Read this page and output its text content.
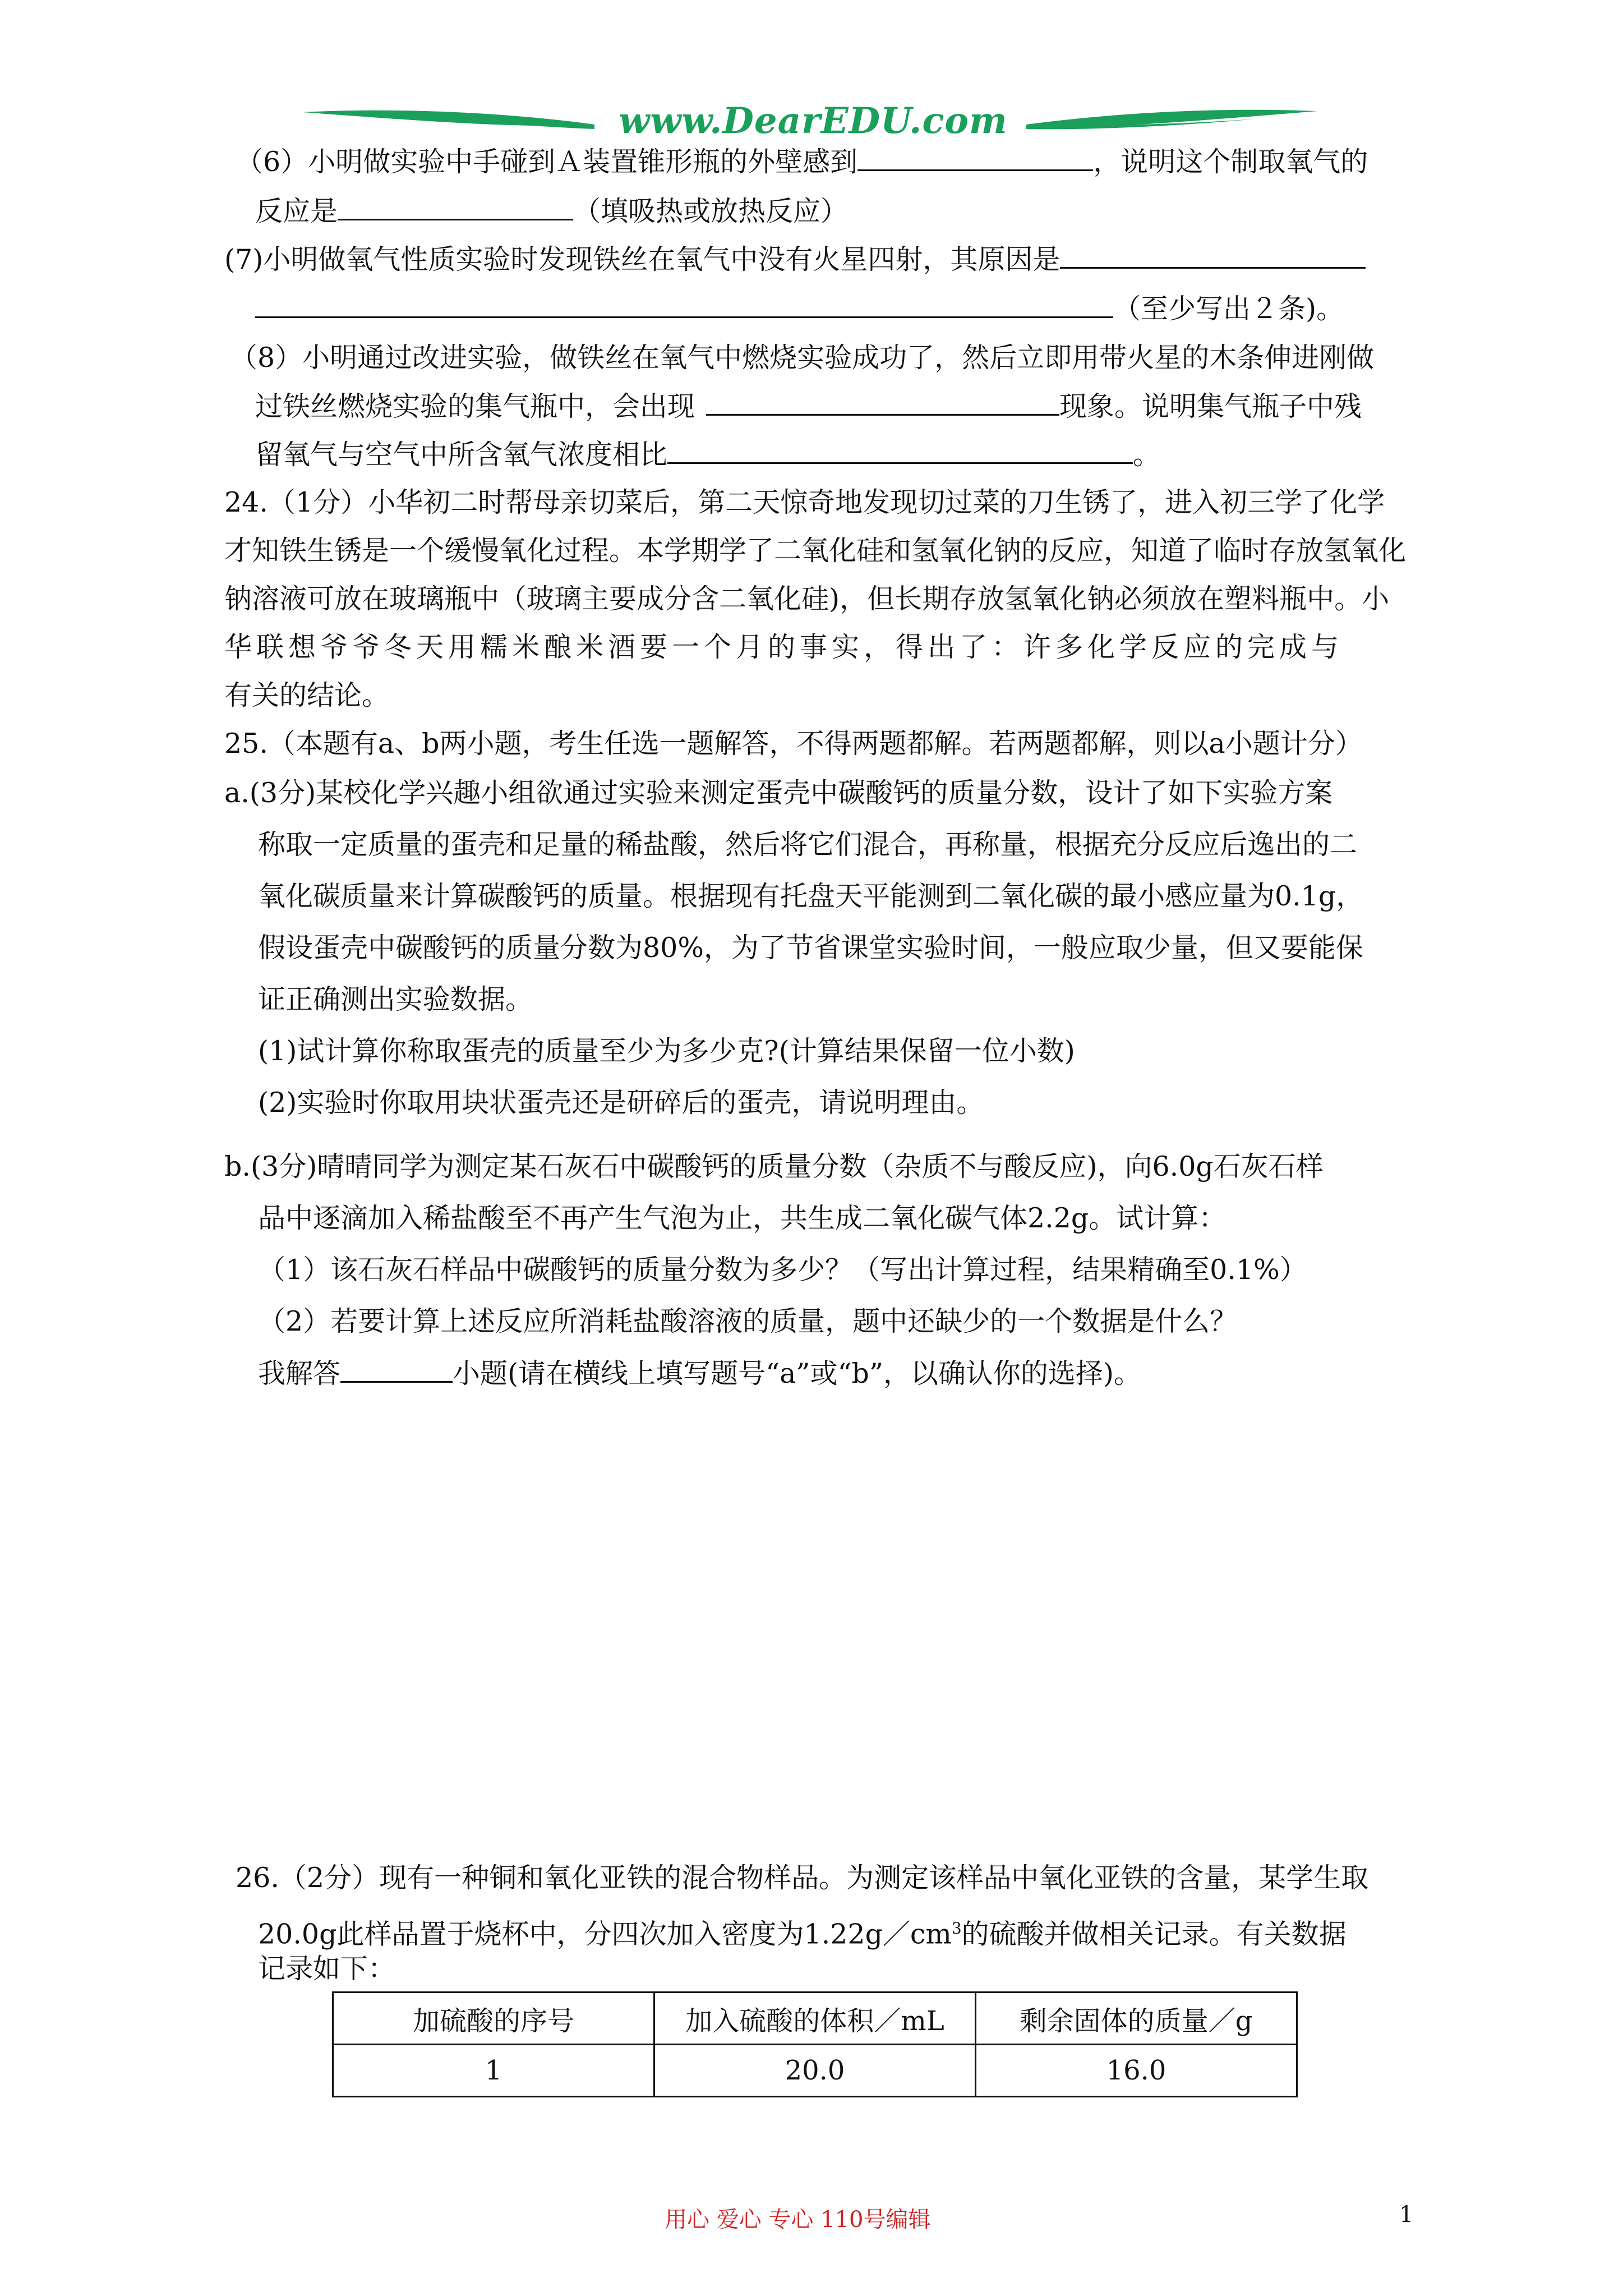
www.DearEDU.com
（6）小明做实验中手碰到Ａ装置锥形瓶的外壁感到	，说明这个制取氧气的
反应是	（填吸热或放热反应）
(7)小明做氧气性质实验时发现铁丝在氧气中没有火星四射，其原因是
（至少写出２条)。
（8）小明通过改进实验，做铁丝在氧气中燃烧实验成功了，然后立即用带火星的木条伸进刚做
过铁丝燃烧实验的集气瓶中，会出现	现象。说明集气瓶子中残
留氧气与空气中所含氧气浓度相比	。
24.（1分）小华初二时帮母亲切菜后，第二天惊奇地发现切过菜的刀生锈了，进入初三学了化学
才知铁生锈是一个缓慢氧化过程。本学期学了二氧化硅和氢氧化钠的反应，知道了临时存放氢氧化
钠溶液可放在玻璃瓶中（玻璃主要成分含二氧化硅)，但长期存放氢氧化钠必须放在塑料瓶中。小
华联想爷爷冬天用糯米酿米酒要一个月的事实，得出了：许多化学反应的完成与
有关的结论。
25.（本题有a、b两小题，考生任选一题解答，不得两题都解。若两题都解，则以a小题计分）
a.(3分)某校化学兴趣小组欲通过实验来测定蛋壳中碳酸钙的质量分数，设计了如下实验方案
称取一定质量的蛋壳和足量的稀盐酸，然后将它们混合，再称量，根据充分反应后逸出的二
氧化碳质量来计算碳酸钙的质量。根据现有托盘天平能测到二氧化碳的最小感应量为0.1g，
假设蛋壳中碳酸钙的质量分数为80%，为了节省课堂实验时间，一般应取少量，但又要能保
证正确测出实验数据。
(1)试计算你称取蛋壳的质量至少为多少克?(计算结果保留一位小数)
(2)实验时你取用块状蛋壳还是研碎后的蛋壳，请说明理由。
b.(3分)晴晴同学为测定某石灰石中碳酸钙的质量分数（杂质不与酸反应)，向6.0g石灰石样
品中逐滴加入稀盐酸至不再产生气泡为止，共生成二氧化碳气体2.2g。试计算：
（1）该石灰石样品中碳酸钙的质量分数为多少？（写出计算过程，结果精确至0.1%）
（2）若要计算上述反应所消耗盐酸溶液的质量，题中还缺少的一个数据是什么？
我解答	小题(请在横线上填写题号“a”或“b”，以确认你的选择)。
26.（2分）现有一种铜和氧化亚铁的混合物样品。为测定该样品中氧化亚铁的含量，某学生取
20.0g此样品置于烧杯中，分四次加入密度为$1.22g/cm^3$的硫酸并做相关记录。有关数据
记录如下：
加硫酸的序号	加入硫酸的体积／mL	剩余固体的质量／g
1	20.0	16.0
用心 爱心 专心 110号编辑	1
